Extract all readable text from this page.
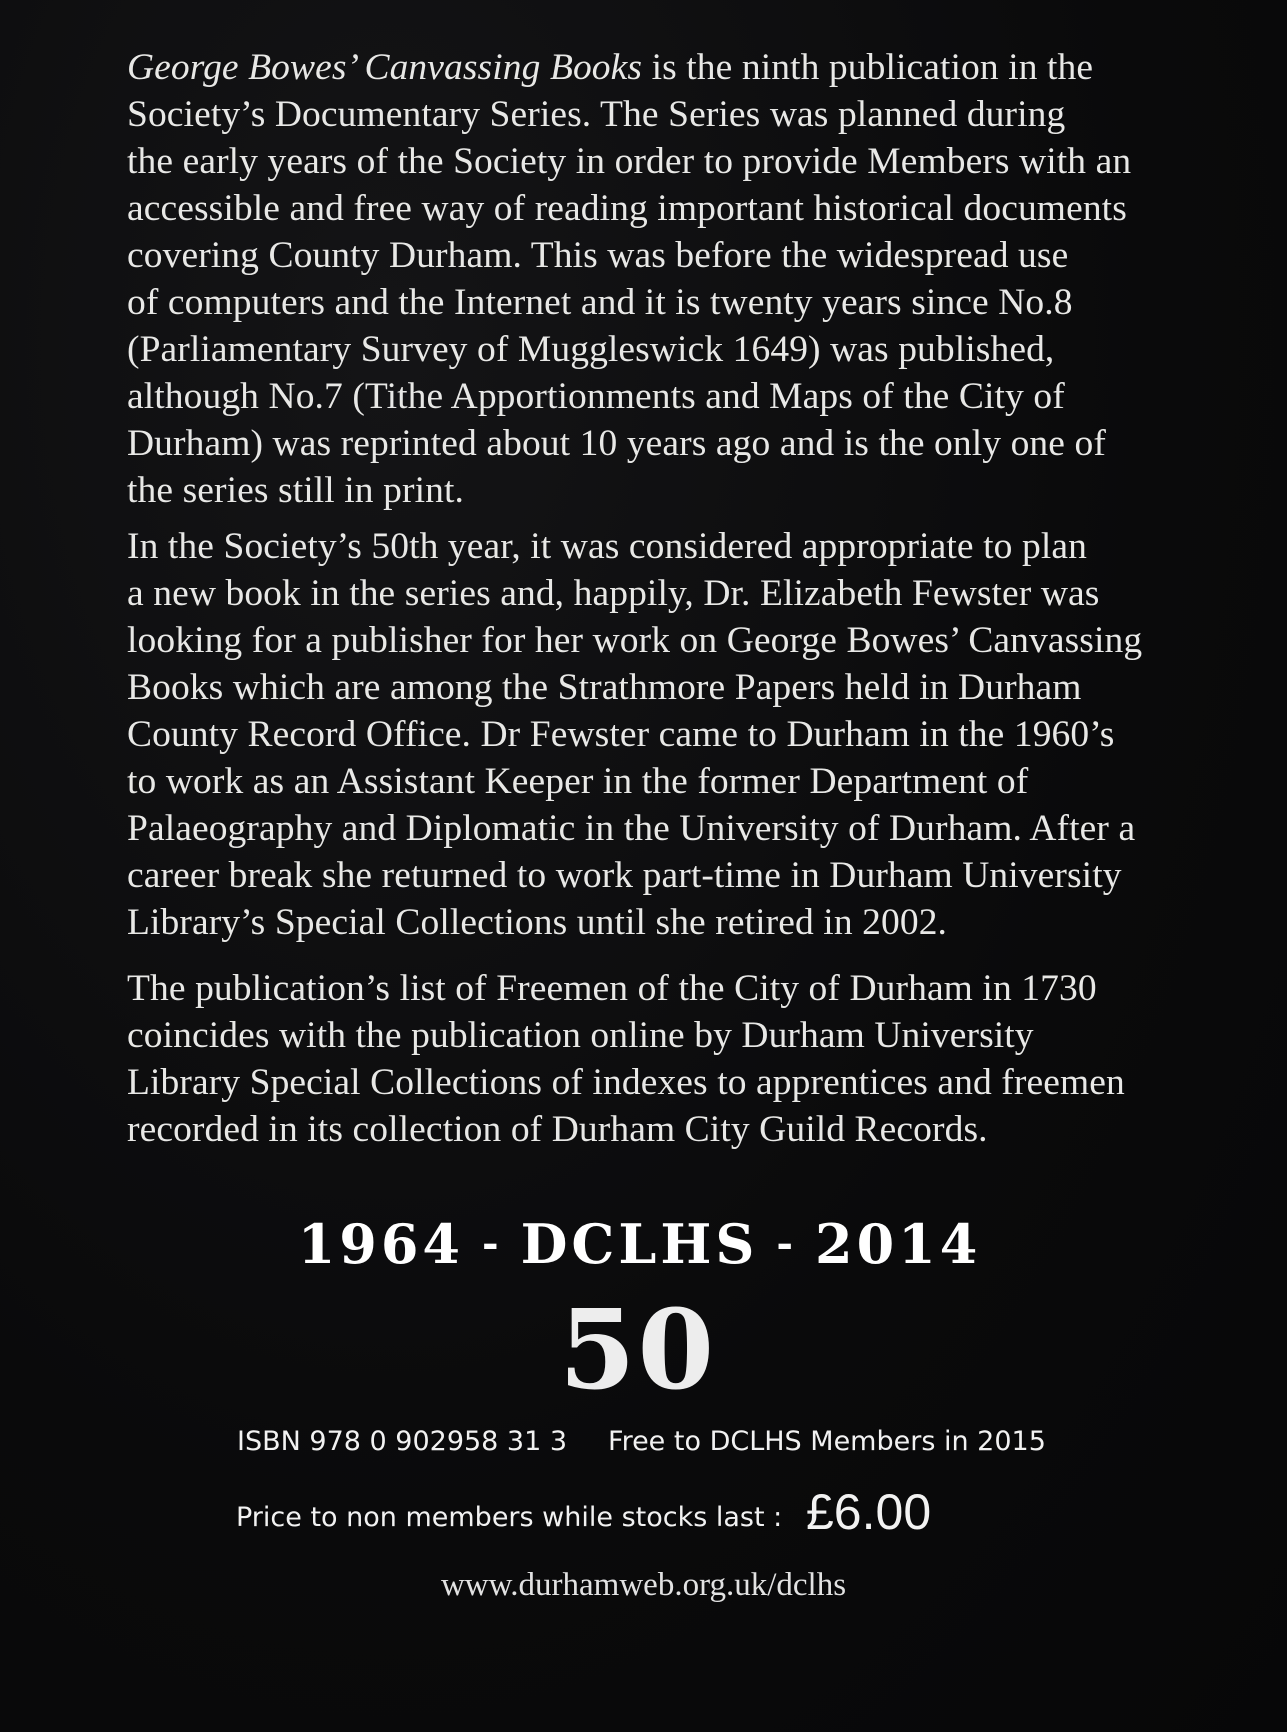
George Bowes’ Canvassing Books is the ninth publication in the
Society’s Documentary Series. The Series was planned during
the early years of the Society in order to provide Members with an
accessible and free way of reading important historical documents
covering County Durham. This was before the widespread use
of computers and the Internet and it is twenty years since No.8
(Parliamentary Survey of Muggleswick 1649) was published,
although No.7 (Tithe Apportionments and Maps of the City of
Durham) was reprinted about 10 years ago and is the only one of
the series still in print.

In the Society’s 50th year, it was considered appropriate to plan
a new book in the series and, happily, Dr. Elizabeth Fewster was
looking for a publisher for her work on George Bowes’ Canvassing
Books which are among the Strathmore Papers held in Durham
County Record Office. Dr Fewster came to Durham in the 1960’s
to work as an Assistant Keeper in the former Department of
Palaeography and Diplomatic in the University of Durham. After a
career break she returned to work part-time in Durham University
Library’s Special Collections until she retired in 2002.

The publication’s list of Freemen of the City of Durham in 1730
coincides with the publication online by Durham University
Library Special Collections of indexes to apprentices and freemen
recorded in its collection of Durham City Guild Records.

1964 - DCLHS - 2014
50
ISBN 978 0 902958 31 3 Free to DCLHS Members in 2015
Price to non members while stocks last : £6.00
www.durhamweb.org.uk/dclhs
